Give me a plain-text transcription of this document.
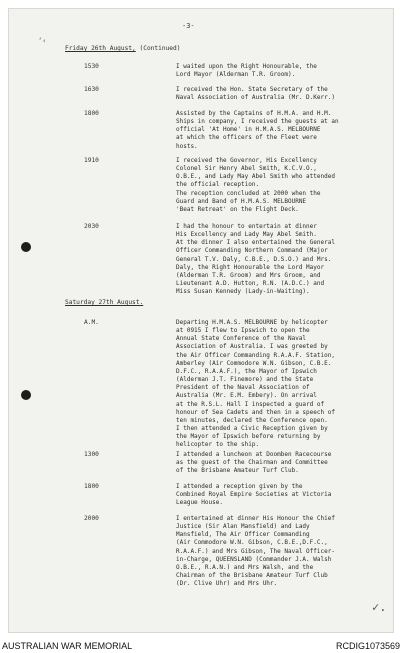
-3-
‘‹
Friday 26th August, (Continued)
1530	I waited upon the Right Honourable, the

Lord Mayor (Alderman T.R. Groom).

1630	I received the Hon. State Secretary of the

Naval Association of Australia (Mr. D.Kerr.)

1800	Assisted by the Captains of H.M.A. and H.M.

Ships in company, I received the guests at an

official 'At Home' in H.M.A.S. MELBOURNE

at which the officers of the Fleet were

hosts.

1910	I received the Governor, His Excellency

Colonel Sir Henry Abel Smith, K.C.V.O.,

O.B.E., and Lady May Abel Smith who attended

the official reception.

The reception concluded at 2000 when the

Guard and Band of H.M.A.S. MELBOURNE

'Beat Retreat' on the Flight Deck.

2030	I had the honour to entertain at dinner

His Excellency and Lady May Abel Smith.

At the dinner I also entertained the General

Officer Commanding Northern Command (Major

General T.V. Daly, C.B.E., D.S.O.) and Mrs.

Daly, the Right Honourable the Lord Mayor

(Alderman T.R. Groom) and Mrs Groom, and

Lieutenant A.D. Hutton, R.N. (A.D.C.) and

Miss Susan Kennedy (Lady-in-Waiting).

Saturday 27th August.
A.M.	Departing H.M.A.S. MELBOURNE by helicopter

at 0915 I flew to Ipswich to open the

Annual State Conference of the Naval

Association of Australia. I was greeted by

the Air Officer Commanding R.A.A.F. Station,

Amberley (Air Commodore W.N. Gibson, C.B.E.

D.F.C., R.A.A.F.), the Mayor of Ipswich

(Alderman J.T. Finemore) and the State

President of the Naval Association of

Australia (Mr. E.M. Embery). On arrival

at the R.S.L. Hall I inspected a guard of

honour of Sea Cadets and then in a speech of

ten minutes, declared the Conference open.

I then attended a Civic Reception given by

the Mayor of Ipswich before returning by

helicopter to the ship.

1300	I attended a luncheon at Doomben Racecourse

as the guest of the Chairman and Committee

of the Brisbane Amateur Turf Club.

1800	I attended a reception given by the

Combined Royal Empire Societies at Victoria

League House.

2000	I entertained at dinner His Honour the Chief

Justice (Sir Alan Mansfield) and Lady

Mansfield, The Air Officer Commanding

(Air Commodore W.N. Gibson, C.B.E.,D.F.C.,

R.A.A.F.) and Mrs Gibson, The Naval Officer-

in-Charge, QUEENSLAND (Commander J.A. Walsh

O.B.E., R.A.N.) and Mrs Walsh, and the

Chairman of the Brisbane Amateur Turf Club

(Dr. Clive Uhr) and Mrs Uhr.

✓.
AUSTRALIAN WAR MEMORIAL	RCDIG1073569
